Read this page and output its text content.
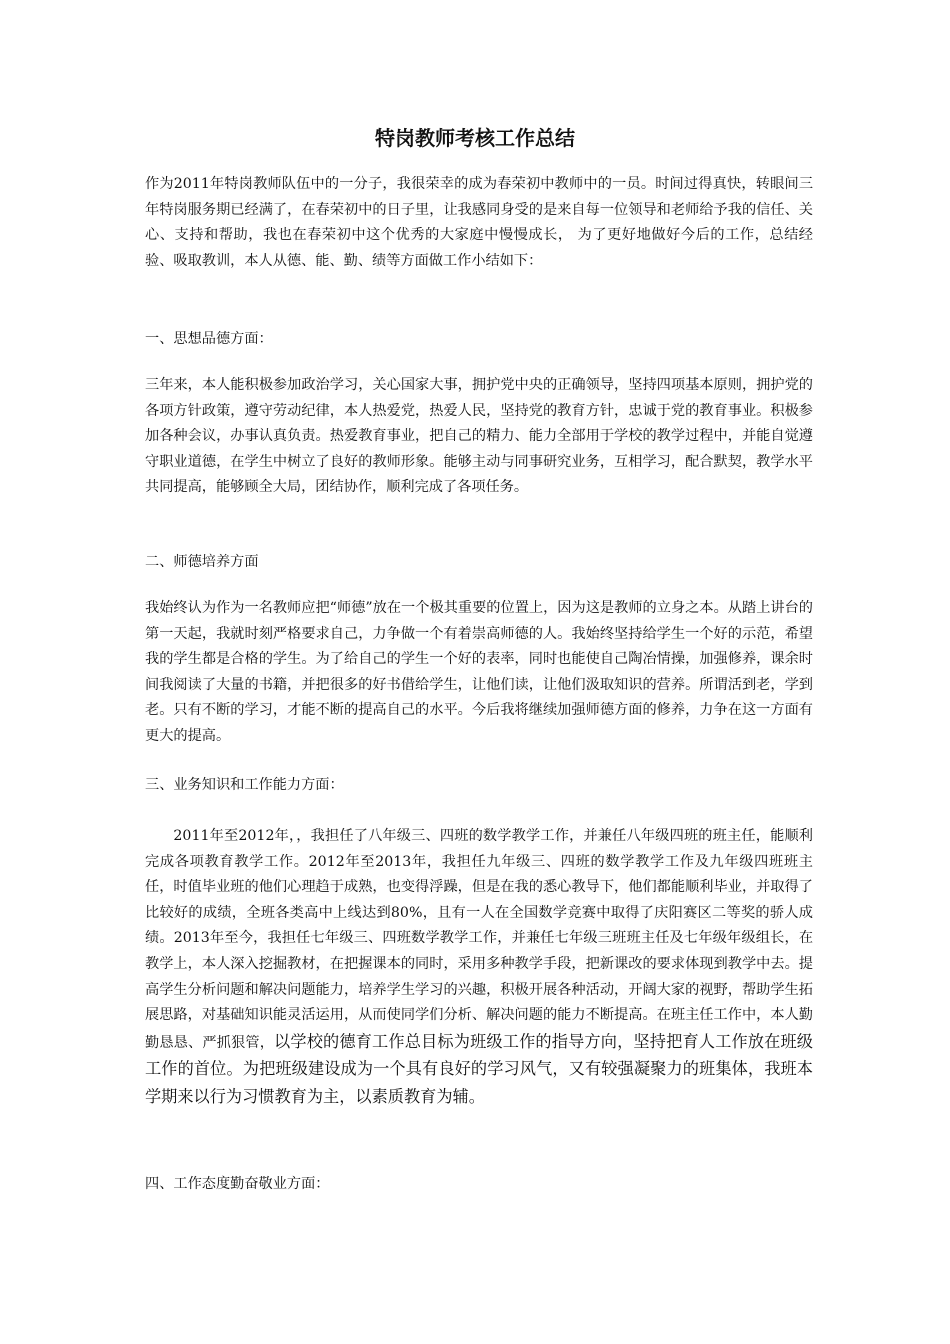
特岗教师考核工作总结

作为2011年特岗教师队伍中的一分子，我很荣幸的成为春荣初中教师中的一员。时间过得真快，转眼间三年特岗服务期已经满了，在春荣初中的日子里，让我感同身受的是来自每一位领导和老师给予我的信任、关心、支持和帮助，我也在春荣初中这个优秀的大家庭中慢慢成长， 为了更好地做好今后的工作，总结经验、吸取教训，本人从德、能、勤、绩等方面做工作小结如下：

一、思想品德方面：

三年来，本人能积极参加政治学习，关心国家大事，拥护党中央的正确领导，坚持四项基本原则，拥护党的各项方针政策，遵守劳动纪律，本人热爱党，热爱人民，坚持党的教育方针，忠诚于党的教育事业。积极参加各种会议，办事认真负责。热爱教育事业，把自己的精力、能力全部用于学校的教学过程中，并能自觉遵守职业道德，在学生中树立了良好的教师形象。能够主动与同事研究业务，互相学习，配合默契，教学水平共同提高，能够顾全大局，团结协作，顺利完成了各项任务。

二、师德培养方面

我始终认为作为一名教师应把“师德”放在一个极其重要的位置上，因为这是教师的立身之本。从踏上讲台的第一天起，我就时刻严格要求自己，力争做一个有着崇高师德的人。我始终坚持给学生一个好的示范，希望我的学生都是合格的学生。为了给自己的学生一个好的表率，同时也能使自己陶冶情操，加强修养，课余时间我阅读了大量的书籍，并把很多的好书借给学生，让他们读，让他们汲取知识的营养。所谓活到老，学到老。只有不断的学习，才能不断的提高自己的水平。今后我将继续加强师德方面的修养，力争在这一方面有更大的提高。

三、业务知识和工作能力方面：

2011年至2012年，，我担任了八年级三、四班的数学教学工作，并兼任八年级四班的班主任，能顺利完成各项教育教学工作。2012年至2013年，我担任九年级三、四班的数学教学工作及九年级四班班主任，时值毕业班的他们心理趋于成熟，也变得浮躁，但是在我的悉心教导下，他们都能顺利毕业，并取得了比较好的成绩，全班各类高中上线达到80%，且有一人在全国数学竞赛中取得了庆阳赛区二等奖的骄人成绩。2013年至今，我担任七年级三、四班数学教学工作，并兼任七年级三班班主任及七年级年级组长，在教学上，本人深入挖掘教材，在把握课本的同时，采用多种教学手段，把新课改的要求体现到教学中去。提高学生分析问题和解决问题能力，培养学生学习的兴趣，积极开展各种活动，开阔大家的视野，帮助学生拓展思路，对基础知识能灵活运用，从而使同学们分析、解决问题的能力不断提高。在班主任工作中，本人勤勤恳恳、严抓狠管，以学校的德育工作总目标为班级工作的指导方向，坚持把育人工作放在班级工作的首位。为把班级建设成为一个具有良好的学习风气，又有较强凝聚力的班集体，我班本学期来以行为习惯教育为主，以素质教育为辅。

四、工作态度勤奋敬业方面：
